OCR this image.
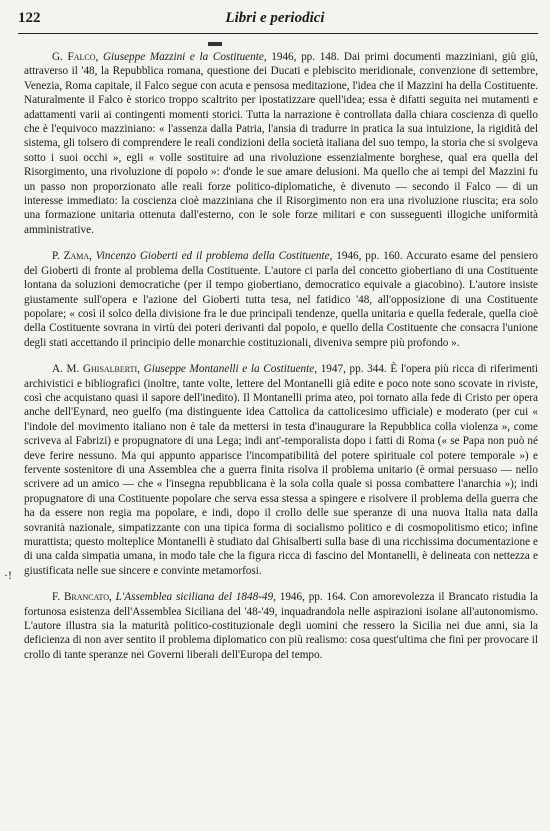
122	Libri e periodici
·!

G. Falco, Giuseppe Mazzini e la Costituente, 1946, pp. 148. Dai primi documenti mazziniani, giù giù, attraverso il '48, la Repubblica romana, questione dei Ducati e plebiscito meridionale, convenzione di settembre, Venezia, Roma capitale, il Falco segue con acuta e pensosa meditazione, l'idea che il Mazzini ha della Costituente. Naturalmente il Falco è storico troppo scaltrito per ipostatizzare quell'idea; essa è difatti seguita nei mutamenti e adattamenti varii ai contingenti momenti storici. Tutta la narrazione è controllata dalla chiara coscienza di quello che è l'equivoco mazziniano: « l'assenza dalla Patria, l'ansia di tradurre in pratica la sua intuizione, la rigidità del sistema, gli tolsero di comprendere le reali condizioni della società italiana del suo tempo, la storia che si svolgeva sotto i suoi occhi », egli « volle sostituire ad una rivoluzione essenzialmente borghese, qual era quella del Risorgimento, una rivoluzione di popolo »: d'onde le sue amare delusioni. Ma quello che ai tempi del Mazzini fu un passo non proporzionato alle reali forze politico-diplomatiche, è divenuto — secondo il Falco — di un interesse immediato: la coscienza cioè mazziniana che il Risorgimento non era una rivoluzione riuscita; era solo una formazione unitaria ottenuta dall'esterno, con le sole forze militari e con susseguenti illogiche uniformità amministrative.

P. Zama, Vincenzo Gioberti ed il problema della Costituente, 1946, pp. 160. Accurato esame del pensiero del Gioberti di fronte al problema della Costituente. L'autore ci parla del concetto giobertiano di una Costituente lontana da soluzioni democratiche (per il tempo giobertiano, democratico equivale a giacobino). L'autore insiste giustamente sull'opera e l'azione del Gioberti tutta tesa, nel fatidico '48, all'opposizione di una Costituente popolare; « così il solco della divisione fra le due principali tendenze, quella unitaria e quella federale, quella cioè della Costituente sovrana in virtù dei poteri derivanti dal popolo, e quello della Costituente che consacra l'unione degli stati accettando il principio delle monarchie costituzionali, diveniva sempre più profondo ».

A. M. Ghisalberti, Giuseppe Montanelli e la Costituente, 1947, pp. 344. È l'opera più ricca di riferimenti archivistici e bibliografici (inoltre, tante volte, lettere del Montanelli già edite e poco note sono scovate in riviste, così che acquistano quasi il sapore dell'inedito). Il Montanelli prima ateo, poi tornato alla fede di Cristo per opera anche dell'Eynard, neo guelfo (ma distinguente idea Cattolica da cattolicesimo ufficiale) e moderato (per cui « l'indole del movimento italiano non è tale da mettersi in testa d'inaugurare la Repubblica colla violenza », come scriveva al Fabrizi) e propugnatore di una Lega; indi ant'-temporalista dopo i fatti di Roma (« se Papa non può né deve ferire nessuno. Ma qui appunto apparisce l'incompatibilità del potere spirituale col potere temporale ») e fervente sostenitore di una Assemblea che a guerra finita risolva il problema unitario (è ormai persuaso — nello scrivere ad un amico — che « l'insegna repubblicana è la sola colla quale si possa combattere l'anarchia »); indi propugnatore di una Costituente popolare che serva essa stessa a spingere e risolvere il problema della guerra che ha da essere non regia ma popolare, e indi, dopo il crollo delle sue speranze di una nuova Italia nata dalla sovranità nazionale, simpatizzante con una tipica forma di socialismo politico e di cosmopolitismo etico; infine murattista; questo molteplice Montanelli è studiato dal Ghisalberti sulla base di una ricchissima documentazione e di una calda simpatia umana, in modo tale che la figura ricca di fascino del Montanelli, è delineata con nettezza e giustificata nelle sue sincere e convinte metamorfosi.

F. Brancato, L'Assemblea siciliana del 1848-49, 1946, pp. 164. Con amorevolezza il Brancato ristudia la fortunosa esistenza dell'Assemblea Siciliana del '48-'49, inquadrandola nelle aspirazioni isolane all'autonomismo. L'autore illustra sia la maturità politico-costituzionale degli uomini che ressero la Sicilia nei due anni, sia la deficienza di non aver sentito il problema diplomatico con più realismo: cosa quest'ultima che finì per provocare il crollo di tante speranze nei Governi liberali dell'Europa del tempo.
